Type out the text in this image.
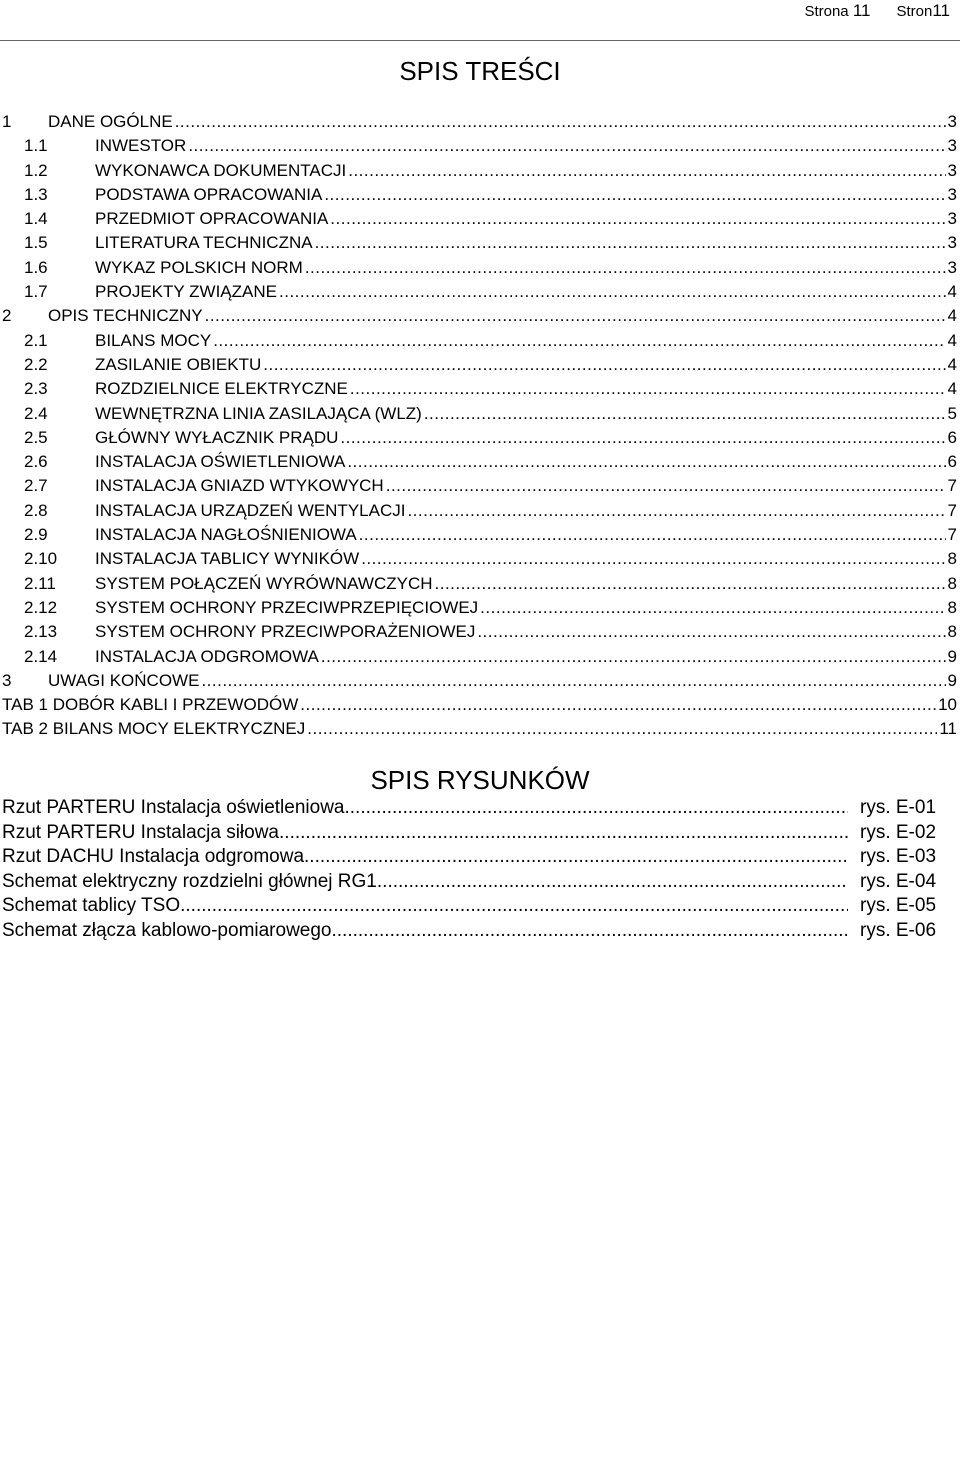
Strona 11 Stron11
SPIS TREŚCI
1	DANE OGÓLNE .....	3
1.1	INWESTOR .....	3
1.2	WYKONAWCA DOKUMENTACJI .....	3
1.3	PODSTAWA OPRACOWANIA .....	3
1.4	PRZEDMIOT OPRACOWANIA .....	3
1.5	LITERATURA TECHNICZNA .....	3
1.6	WYKAZ POLSKICH NORM .....	3
1.7	PROJEKTY ZWIĄZANE .....	4
2	OPIS TECHNICZNY .....	4
2.1	BILANS MOCY .....	4
2.2	ZASILANIE OBIEKTU .....	4
2.3	ROZDZIELNICE ELEKTRYCZNE .....	4
2.4	WEWNĘTRZNA LINIA ZASILAJĄCA (WLZ) .....	5
2.5	GŁÓWNY WYŁACZNIK PRĄDU .....	6
2.6	INSTALACJA OŚWIETLENIOWA .....	6
2.7	INSTALACJA GNIAZD WTYKOWYCH .....	7
2.8	INSTALACJA URZĄDZEŃ WENTYLACJI .....	7
2.9	INSTALACJA NAGŁOŚNIENIOWA .....	7
2.10	INSTALACJA TABLICY WYNIKÓW .....	8
2.11	SYSTEM POŁĄCZEŃ WYRÓWNAWCZYCH .....	8
2.12	SYSTEM OCHRONY PRZECIWPRZEPIĘCIOWEJ .....	8
2.13	SYSTEM OCHRONY PRZECIWPORAŻENIOWEJ .....	8
2.14	INSTALACJA ODGROMOWA .....	9
3	UWAGI KOŃCOWE .....	9
TAB 1 DOBÓR KABLI I PRZEWODÓW .....	10
TAB 2 BILANS MOCY ELEKTRYCZNEJ .....	11
SPIS RYSUNKÓW
Rzut PARTERU Instalacja oświetleniowa .....	rys. E-01
Rzut PARTERU Instalacja siłowa .....	rys. E-02
Rzut DACHU Instalacja odgromowa .....	rys. E-03
Schemat elektryczny rozdzielni głównej RG1 .....	rys. E-04
Schemat tablicy TSO .....	rys. E-05
Schemat złącza kablowo-pomiarowego .....	rys. E-06
